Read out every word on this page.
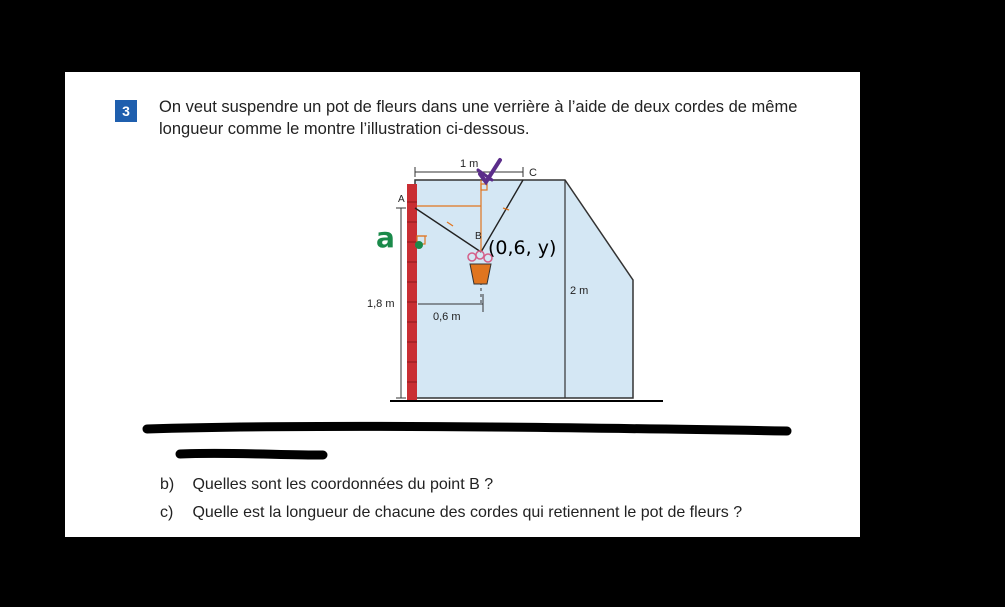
3	On veut suspendre un pot de fleurs dans une verrière à l’aide de deux cordes de même longueur comme le montre l’illustration ci-dessous.
1 m
C
A
B
1,8 m
0,6 m
2 m
(0,6, y)
a
a) Représentez cette situation dans un plan cartésien en indiquant les coordonnées des points A et C.
b) Quelles sont les coordonnées du point B ?
c) Quelle est la longueur de chacune des cordes qui retiennent le pot de fleurs ?
